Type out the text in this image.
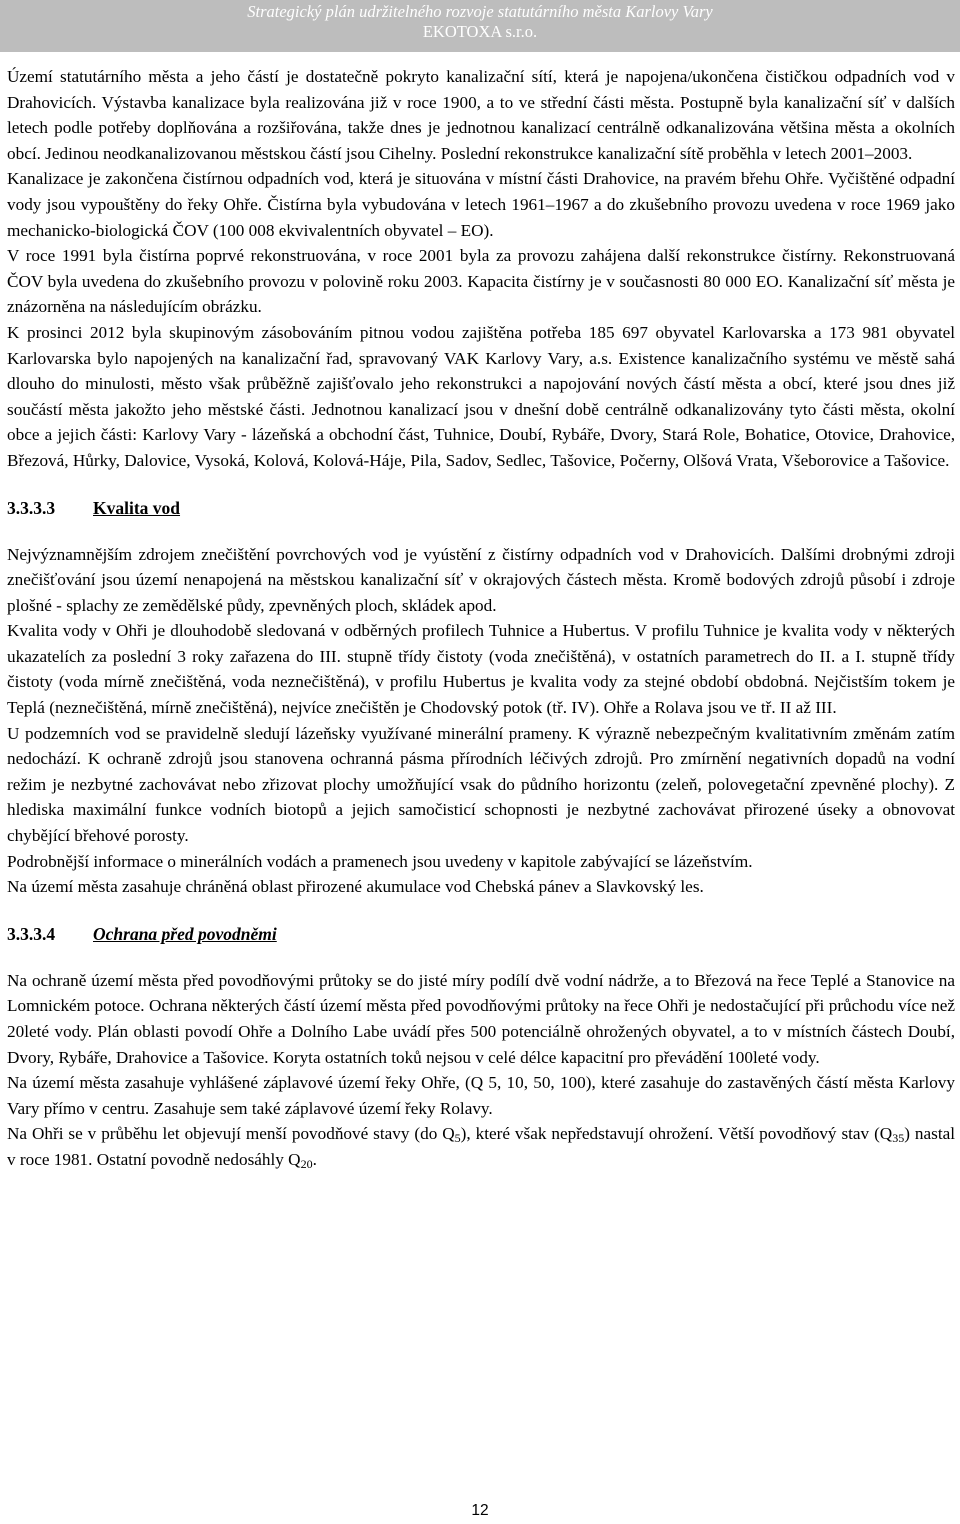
Strategický plán udržitelného rozvoje statutárního města Karlovy Vary
EKOTOXA s.r.o.

Území statutárního města a jeho částí je dostatečně pokryto kanalizační sítí, která je napojena/ukončena čističkou odpadních vod v Drahovicích. Výstavba kanalizace byla realizována již v roce 1900, a to ve střední části města. Postupně byla kanalizační síť v dalších letech podle potřeby doplňována a rozšiřována, takže dnes je jednotnou kanalizací centrálně odkanalizována většina města a okolních obcí. Jedinou neodkanalizovanou městskou částí jsou Cihelny. Poslední rekonstrukce kanalizační sítě proběhla v letech 2001–2003.

Kanalizace je zakončena čistírnou odpadních vod, která je situována v místní části Drahovice, na pravém břehu Ohře. Vyčištěné odpadní vody jsou vypouštěny do řeky Ohře. Čistírna byla vybudována v letech 1961–1967 a do zkušebního provozu uvedena v roce 1969 jako mechanicko-biologická ČOV (100 008 ekvivalentních obyvatel – EO).

V roce 1991 byla čistírna poprvé rekonstruována, v roce 2001 byla za provozu zahájena další rekonstrukce čistírny. Rekonstruovaná ČOV byla uvedena do zkušebního provozu v polovině roku 2003. Kapacita čistírny je v současnosti 80 000 EO. Kanalizační síť města je znázorněna na následujícím obrázku.

K prosinci 2012 byla skupinovým zásobováním pitnou vodou zajištěna potřeba 185 697 obyvatel Karlovarska a 173 981 obyvatel Karlovarska bylo napojených na kanalizační řad, spravovaný VAK Karlovy Vary, a.s. Existence kanalizačního systému ve městě sahá dlouho do minulosti, město však průběžně zajišťovalo jeho rekonstrukci a napojování nových částí města a obcí, které jsou dnes již součástí města jakožto jeho městské části. Jednotnou kanalizací jsou v dnešní době centrálně odkanalizovány tyto části města, okolní obce a jejich části: Karlovy Vary - lázeňská a obchodní část, Tuhnice, Doubí, Rybáře, Dvory, Stará Role, Bohatice, Otovice, Drahovice, Březová, Hůrky, Dalovice, Vysoká, Kolová, Kolová-Háje, Pila, Sadov, Sedlec, Tašovice, Počerny, Olšová Vrata, Všeborovice a Tašovice.

3.3.3.3 Kvalita vod

Nejvýznamnějším zdrojem znečištění povrchových vod je vyústění z čistírny odpadních vod v Drahovicích. Dalšími drobnými zdroji znečišťování jsou území nenapojená na městskou kanalizační síť v okrajových částech města. Kromě bodových zdrojů působí i zdroje plošné - splachy ze zemědělské půdy, zpevněných ploch, skládek apod.

Kvalita vody v Ohři je dlouhodobě sledovaná v odběrných profilech Tuhnice a Hubertus. V profilu Tuhnice je kvalita vody v některých ukazatelích za poslední 3 roky zařazena do III. stupně třídy čistoty (voda znečištěná), v ostatních parametrech do II. a I. stupně třídy čistoty (voda mírně znečištěná, voda neznečištěná), v profilu Hubertus je kvalita vody za stejné období obdobná. Nejčistším tokem je Teplá (neznečištěná, mírně znečištěná), nejvíce znečištěn je Chodovský potok (tř. IV). Ohře a Rolava jsou ve tř. II až III.

U podzemních vod se pravidelně sledují lázeňsky využívané minerální prameny. K výrazně nebezpečným kvalitativním změnám zatím nedochází. K ochraně zdrojů jsou stanovena ochranná pásma přírodních léčivých zdrojů. Pro zmírnění negativních dopadů na vodní režim je nezbytné zachovávat nebo zřizovat plochy umožňující vsak do půdního horizontu (zeleň, polovegetační zpevněné plochy). Z hlediska maximální funkce vodních biotopů a jejich samočisticí schopnosti je nezbytné zachovávat přirozené úseky a obnovovat chybějící břehové porosty.

Podrobnější informace o minerálních vodách a pramenech jsou uvedeny v kapitole zabývající se lázeňstvím.

Na území města zasahuje chráněná oblast přirozené akumulace vod Chebská pánev a Slavkovský les.

3.3.3.4 Ochrana před povodněmi

Na ochraně území města před povodňovými průtoky se do jisté míry podílí dvě vodní nádrže, a to Březová na řece Teplé a Stanovice na Lomnickém potoce. Ochrana některých částí území města před povodňovými průtoky na řece Ohři je nedostačující při průchodu více než 20leté vody. Plán oblasti povodí Ohře a Dolního Labe uvádí přes 500 potenciálně ohrožených obyvatel, a to v místních částech Doubí, Dvory, Rybáře, Drahovice a Tašovice. Koryta ostatních toků nejsou v celé délce kapacitní pro převádění 100leté vody.

Na území města zasahuje vyhlášené záplavové území řeky Ohře, (Q 5, 10, 50, 100), které zasahuje do zastavěných částí města Karlovy Vary přímo v centru. Zasahuje sem také záplavové území řeky Rolavy.

Na Ohři se v průběhu let objevují menší povodňové stavy (do $Q_5$), které však nepředstavují ohrožení. Větší povodňový stav $(Q_{35})$ nastal v roce 1981. Ostatní povodně nedosáhly $Q_{20}$.

12
